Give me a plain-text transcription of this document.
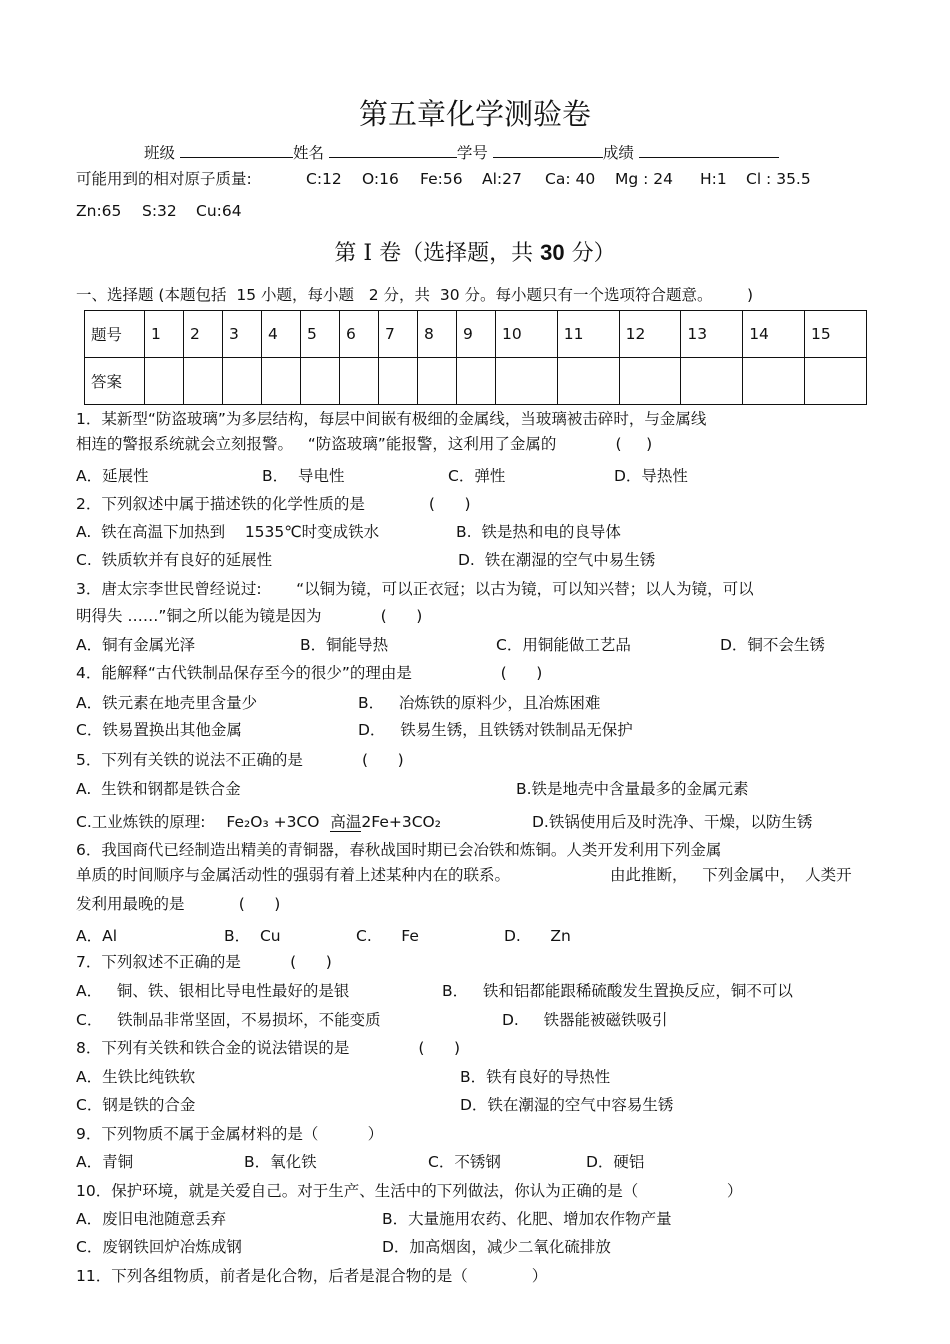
第五章化学测验卷
班级	姓名	学号	成绩
可能用到的相对原子质量:	C:12 O:16 Fe:56 Al:27 Ca: 40 Mg : 24 H:1 Cl : 35.5
Zn:65 S:32 Cu:64
第 I 卷（选择题，共 30 分）
一、选择题 (本题包括  15 小题，每小题   2 分，共  30 分。每小题只有一个选项符合题意。       )
题号	1	2	3	4	5	6	7	8	9	10	11	12	13	14	15
答案															
1．某新型“防盗玻璃”为多层结构，每层中间嵌有极细的金属线，当玻璃被击碎时，与金属线
相连的警报系统就会立刻报警。   “防盗玻璃”能报警，这利用了金属的            (     )
A．延展性	B．  导电性	C．弹性	D．导热性
2．下列叙述中属于描述铁的化学性质的是             (      )
A.  铁在高温下加热到    1535℃时变成铁水	B.  铁是热和电的良导体
C.  铁质软并有良好的延展性	D.  铁在潮湿的空气中易生锈
3．唐太宗李世民曾经说过:       “以铜为镜，可以正衣冠；以古为镜，可以知兴替；以人为镜，可以
明得失 ……”铜之所以能为镜是因为            (      )
A．铜有金属光泽	B．铜能导热	C．用铜能做工艺品	D．铜不会生锈
4．能解释“古代铁制品保存至今的很少”的理由是                  (      )
A．铁元素在地壳里含量少	B．   冶炼铁的原料少，且冶炼困难
C．铁易置换出其他金属	D．   铁易生锈，且铁锈对铁制品无保护
5．下列有关铁的说法不正确的是            (      )
A.  生铁和钢都是铁合金	B.铁是地壳中含量最多的金属元素
C.工业炼铁的原理: Fe₂O₃ +3CO 高温2Fe+3CO₂	D.铁锅使用后及时洗净、干燥，以防生锈
6．我国商代已经制造出精美的青铜器，春秋战国时期已会冶铁和炼铜。人类开发利用下列金属
单质的时间顺序与金属活动性的强弱有着上述某种内在的联系。	由此推断，   下列金属中，  人类开
发利用最晚的是           (      )
A．Al	B．  Cu	C.      Fe	D.      Zn
7．下列叙述不正确的是          (      )
A．   铜、铁、银相比导电性最好的是银	B．   铁和铝都能跟稀硫酸发生置换反应，铜不可以
C．   铁制品非常坚固，不易损坏，不能变质	D.     铁器能被磁铁吸引
8．下列有关铁和铁合金的说法错误的是              (      )
A．生铁比纯铁软	B．铁有良好的导热性
C．钢是铁的合金	D．铁在潮湿的空气中容易生锈
9．下列物质不属于金属材料的是（          ）
A．青铜	B．氧化铁	C．不锈钢	D．硬铝
10．保护环境，就是关爱自己。对于生产、生活中的下列做法，你认为正确的是（                  ）
A．废旧电池随意丢弃	B．大量施用农药、化肥、增加农作物产量
C．废钢铁回炉冶炼成钢	D．加高烟囱，减少二氧化硫排放
11．下列各组物质，前者是化合物，后者是混合物的是（             ）
